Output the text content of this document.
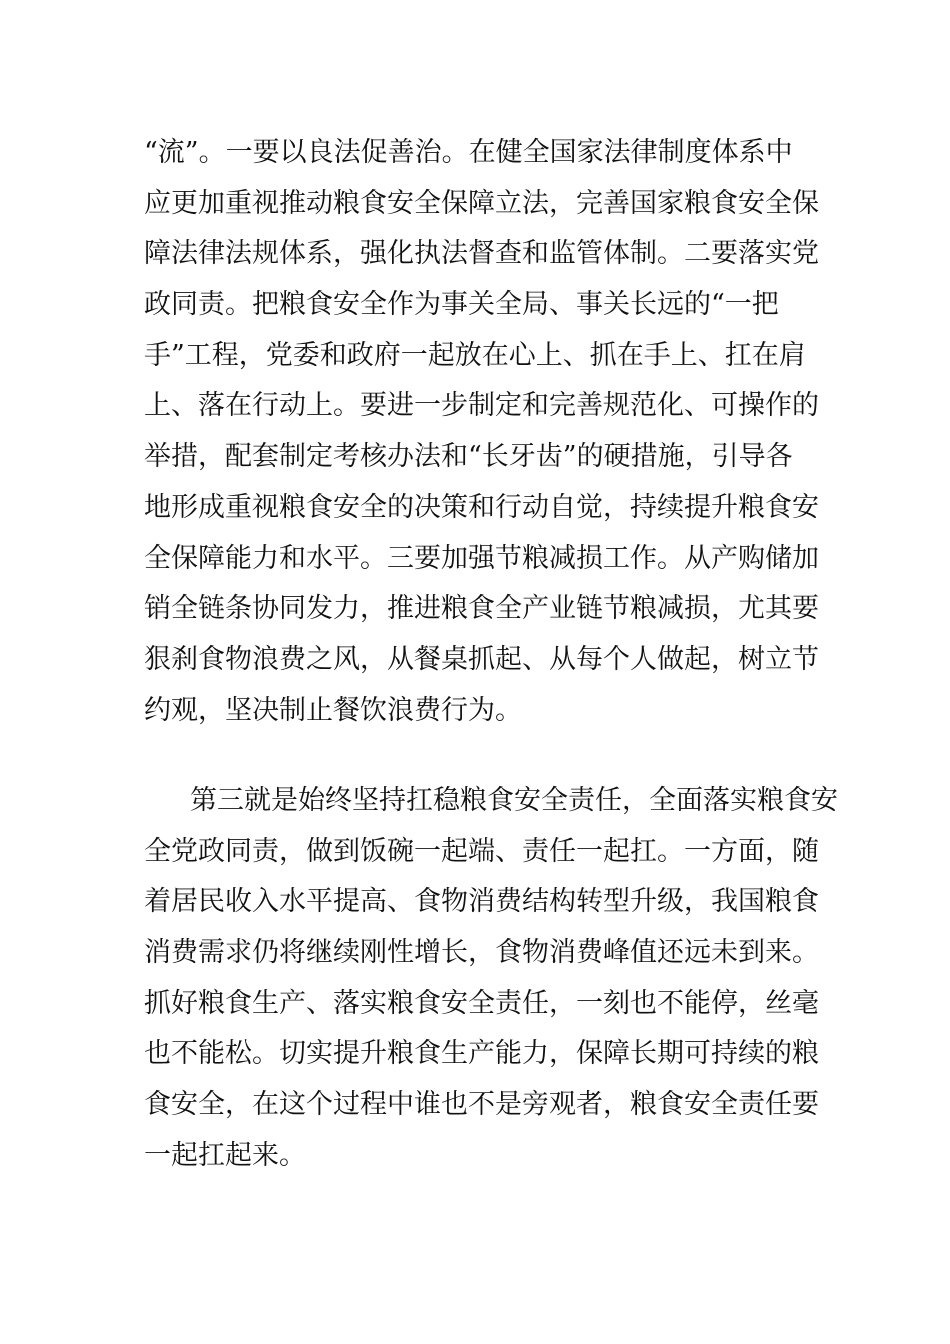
“流”。一要以良法促善治。在健全国家法律制度体系中
应更加重视推动粮食安全保障立法，完善国家粮食安全保
障法律法规体系，强化执法督查和监管体制。二要落实党
政同责。把粮食安全作为事关全局、事关长远的“一把
手”工程，党委和政府一起放在心上、抓在手上、扛在肩
上、落在行动上。要进一步制定和完善规范化、可操作的
举措，配套制定考核办法和“长牙齿”的硬措施，引导各
地形成重视粮食安全的决策和行动自觉，持续提升粮食安
全保障能力和水平。三要加强节粮减损工作。从产购储加
销全链条协同发力，推进粮食全产业链节粮减损，尤其要
狠刹食物浪费之风，从餐桌抓起、从每个人做起，树立节
约观，坚决制止餐饮浪费行为。
第三就是始终坚持扛稳粮食安全责任，全面落实粮食安
全党政同责，做到饭碗一起端、责任一起扛。一方面，随
着居民收入水平提高、食物消费结构转型升级，我国粮食
消费需求仍将继续刚性增长，食物消费峰值还远未到来。
抓好粮食生产、落实粮食安全责任，一刻也不能停，丝毫
也不能松。切实提升粮食生产能力，保障长期可持续的粮
食安全，在这个过程中谁也不是旁观者，粮食安全责任要
一起扛起来。
